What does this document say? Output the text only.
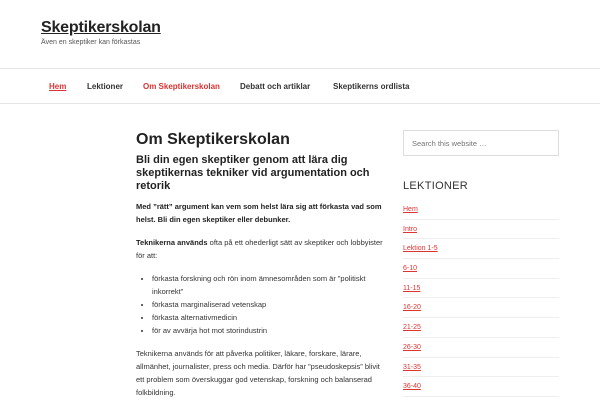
Skeptikerskolan
Även en skeptiker kan förkastas
Hem	Lektioner Om Skeptikerskolan	Debatt och artiklar	Skeptikerns ordlista
Om Skeptikerskolan
Bli din egen skeptiker genom att lära dig skeptikernas tekniker vid argumentation och retorik
Med ”rätt” argument kan vem som helst lära sig att förkasta vad som helst. Bli din egen skeptiker eller debunker.
Teknikerna används ofta på ett ohederligt sätt av skeptiker och lobbyister för att:
• förkasta forskning och rön inom ämnesområden som är ”politiskt inkorrekt”
• förkasta marginaliserad vetenskap
• förkasta alternativmedicin
• för av avvärja hot mot storindustrin
Teknikerna används för att påverka politiker, läkare, forskare, lärare, allmänhet, journalister, press och media. Därför har ”pseudoskepsis” blivit ett problem som överskuggar god vetenskap, forskning och balanserad folkbildning.
Search this website …
LEKTIONER
Hem
Intro
Lektion 1-5
6-10
11-15
16-20
21-25
26-30
31-35
36-40
